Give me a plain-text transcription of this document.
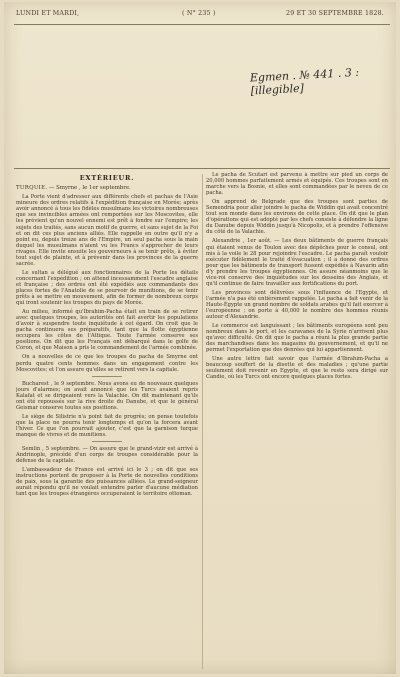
LUNDI ET MARDI,	( N° 235 )	29 ET 30 SEPTEMBRE 1828.
Egmen . № 441 . 3 : [illegible]
EXTÉRIEUR.
TURQUIE. — Smyrne , le 1er septembre.

La Porte vient d'adresser aux différents chefs et pachas de l'Asie mineure des ordres relatifs à l'expédition française en Morée; après avoir annoncé à tous les fidèles musulmans les victoires nombreuses que ses invincibles armées ont remportées sur les Moscovites, elle les prévient qu'un nouvel ennemi est prêt à fondre sur l'empire; les sujets des traités, sans aucun motif de guerre, et sans sujet de la Foi et on dit ces plus anciens alliés. Elle rappelle en outre qu'il n'y a point eu, depuis treize ans de l'Empire, un seul pacha sous la main duquel les musulmans n'aient vu les Francs s'approcher de leurs rivages. Elle invite ensuite les gouverneurs à se tenir prêts, à éviter tout sujet de plainte, et à prévenir dans les provinces de la guerre sacrée.

Le sultan a délégué aux fonctionnaires de la Porte les détails concernant l'expédition ; on attend incessamment l'escadre anglaise et française ; des ordres ont été expédiés aux commandants des places fortes de l'Anatolie de se pourvoir de munitions, de se tenir prêts à se mettre en mouvement, afin de former de nombreux corps qui iront soutenir les troupes du pays de Morée.

Au milieu, informé qu'Ibrahim-Pacha était en train de se retirer avec quelques troupes, les autorités ont fait avertir les populations d'avoir à suspendre toute inquiétude à cet égard. On croit que le pacha continuera ses préparatifs, tant que la flotte égyptienne occupera les côtes de l'Attique. Toute l'armée conserve ses positions. On dit que les Français ont débarqué dans le golfe de Coron, et que Maison a pris le commandement de l'armée combinée.

On a nouvelles de ce que les troupes du pacha de Smyrne ont perdu quatre cents hommes dans un engagement contre les Moscovites; et l'on assure qu'elles se retirent vers la capitale.

Bucharest , le 9 septembre. Nous avons eu de nouveaux quelques jours d'alarmes; on avait annoncé que les Turcs avaient repris Kalafat et se dirigeaient vers la Valachie. On dit maintenant qu'ils ont été repoussés sur la rive droite du Danube, et que le général Geismar conserve toutes ses positions.

Le siège de Silistrie n'a point fait de progrès; on pense toutefois que la place ne pourra tenir longtemps et qu'on la forcera avant l'hiver. Ce que l'on pourrait ajouter, c'est que la garnison turque manque de vivres et de munitions.

Semlin , 5 septembre. — On assure que le grand-vizir est arrivé à Andrinople, précédé d'un corps de troupes considérable pour la défense de la capitale.

L'ambassadeur de France est arrivé ici le 3 ; on dit que ses instructions portent de proposer à la Porte de nouvelles conditions de paix, sous la garantie des puissances alliées. Le grand-seigneur aurait répondu qu'il ne voulait entendre parler d'aucune médiation tant que les troupes étrangères occuperaient le territoire ottoman.

Le pacha de Scutari est parvenu à mettre sur pied un corps de 20,000 hommes parfaitement armés et équipés. Ces troupes sont en marche vers la Bosnie, et elles sont commandées par le neveu de ce pacha.

On apprend de Belgrade que des troupes sont parties de Semendria pour aller joindre le pacha de Widdin qui avait concentré tout son monde dans les environs de cette place. On dit que le plan d'opérations qui est adopté par les chefs consiste à défendre la ligne du Danube depuis Widdin jusqu'à Nicopolis, et à prendre l'offensive du côté de la Valachie.

Alexandrie , 1er août. — Les deux bâtiments de guerre français qui étaient venus de Toulon avec des dépêches pour le consul, ont mis à la voile le 28 pour rejoindre l'escadre. Le pacha paraît vouloir exécuter fidèlement le traité d'évacuation ; il a donné des ordres pour que les bâtiments de transport fussent expédiés à Navarin afin d'y prendre les troupes égyptiennes. On assure néanmoins que le vice-roi conserve des inquiétudes sur les desseins des Anglais, et qu'il continue de faire travailler aux fortifications du port.

Les provinces sont délivrées sous l'influence de l'Egypte, et l'armée n'a pas été entièrement rappelée. Le pacha a fait venir de la Haute-Égypte un grand nombre de soldats arabes qu'il fait exercer à l'européenne ; on porte à 40,000 le nombre des hommes réunis autour d'Alexandrie.

Le commerce est languissant ; les bâtiments européens sont peu nombreux dans le port, et les caravanes de la Syrie n'arrivent plus qu'avec difficulté. On dit que le pacha a réuni la plus grande partie des marchandises dans les magasins du gouvernement, et qu'il ne permet l'exportation que des denrées qui lui appartiennent.

Une autre lettre fait savoir que l'armée d'Ibrahim-Pacha a beaucoup souffert de la disette et des maladies ; qu'une partie seulement doit revenir en Egypte, et que le reste sera dirigé sur Candie, où les Turcs ont encore quelques places fortes.
